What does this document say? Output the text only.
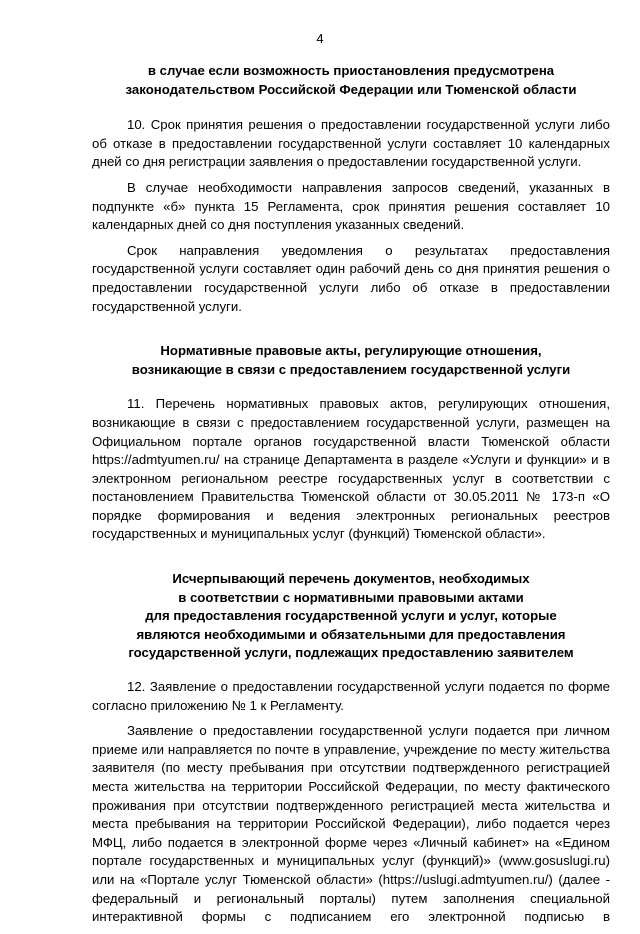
4
в случае если возможность приостановления предусмотрена
законодательством Российской Федерации или Тюменской области

10. Срок принятия решения о предоставлении государственной услуги либо об отказе в предоставлении государственной услуги составляет 10 календарных дней со дня регистрации заявления о предоставлении государственной услуги.

В случае необходимости направления запросов сведений, указанных в подпункте «б» пункта 15 Регламента, срок принятия решения составляет 10 календарных дней со дня поступления указанных сведений.

Срок направления уведомления о результатах предоставления государственной услуги составляет один рабочий день со дня принятия решения о предоставлении государственной услуги либо об отказе в предоставлении государственной услуги.

Нормативные правовые акты, регулирующие отношения,
возникающие в связи с предоставлением государственной услуги

11. Перечень нормативных правовых актов, регулирующих отношения, возникающие в связи с предоставлением государственной услуги, размещен на Официальном портале органов государственной власти Тюменской области https://admtyumen.ru/ на странице Департамента в разделе «Услуги и функции» и в электронном региональном реестре государственных услуг в соответствии с постановлением Правительства Тюменской области от 30.05.2011 № 173-п «О порядке формирования и ведения электронных региональных реестров государственных и муниципальных услуг (функций) Тюменской области».

Исчерпывающий перечень документов, необходимых
в соответствии с нормативными правовыми актами
для предоставления государственной услуги и услуг, которые
являются необходимыми и обязательными для предоставления
государственной услуги, подлежащих предоставлению заявителем

12. Заявление о предоставлении государственной услуги подается по форме согласно приложению № 1 к Регламенту.

Заявление о предоставлении государственной услуги подается при личном приеме или направляется по почте в управление, учреждение по месту жительства заявителя (по месту пребывания при отсутствии подтвержденного регистрацией места жительства на территории Российской Федерации, по месту фактического проживания при отсутствии подтвержденного регистрацией места жительства и места пребывания на территории Российской Федерации), либо подается через МФЦ, либо подается в электронной форме через «Личный кабинет» на «Едином портале государственных и муниципальных услуг (функций)» (www.gosuslugi.ru) или на «Портале услуг Тюменской области» (https://uslugi.admtyumen.ru/) (далее - федеральный и региональный порталы) путем заполнения специальной интерактивной формы с подписанием его электронной подписью в
